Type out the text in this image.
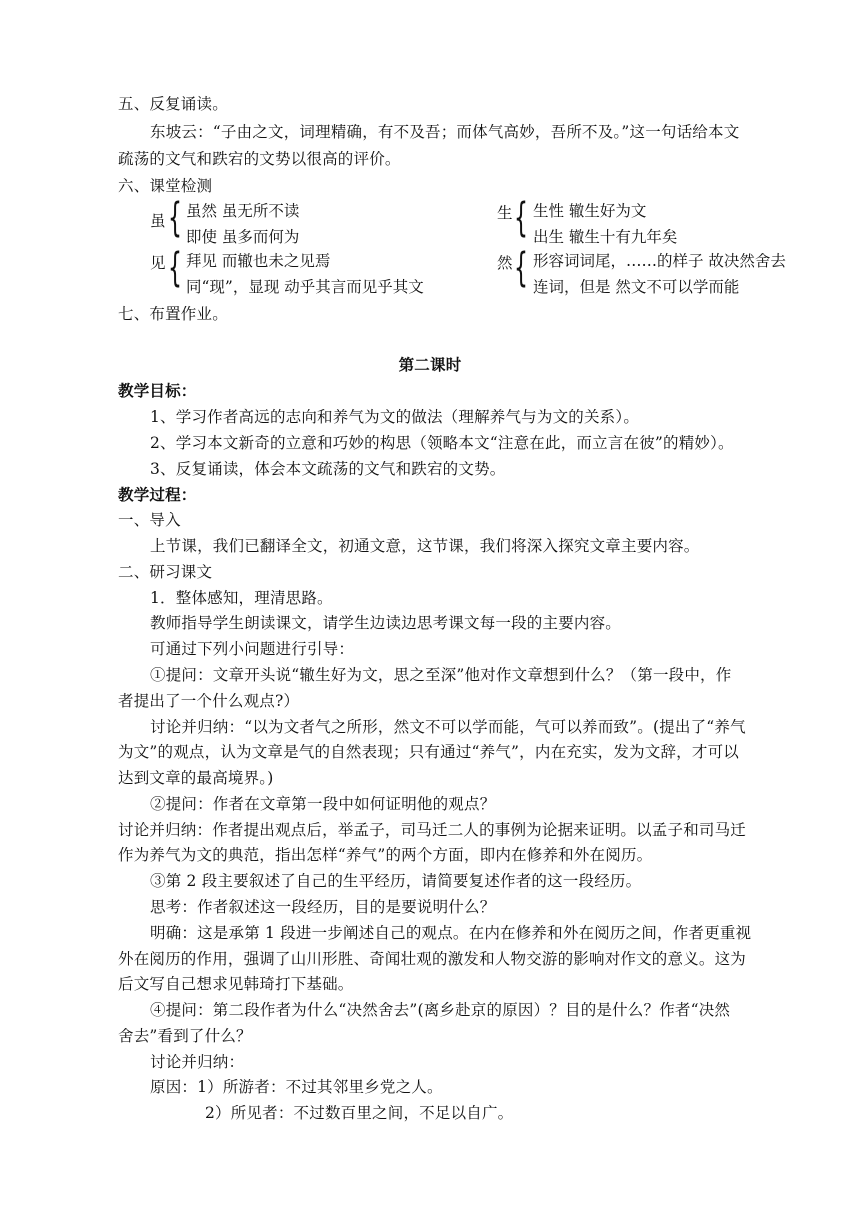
五、反复诵读。
东坡云：“子由之文，词理精确，有不及吾；而体气高妙，吾所不及。”这一句话给本文
疏荡的文气和跌宕的文势以很高的评价。
六、课堂检测
虽 { 虽然 虽无所不读
即使 虽多而何为
生 { 生性 辙生好为文
出生 辙生十有九年矣
见 { 拜见 而辙也未之见焉
同“现”，显现 动乎其言而见乎其文
然 { 形容词词尾，……的样子 故决然舍去
连词，但是 然文不可以学而能
七、布置作业。
第二课时
教学目标：
1、学习作者高远的志向和养气为文的做法（理解养气与为文的关系）。
2、学习本文新奇的立意和巧妙的构思（领略本文“注意在此，而立言在彼”的精妙）。
3、反复诵读，体会本文疏荡的文气和跌宕的文势。
教学过程：
一、导入
上节课，我们已翻译全文，初通文意，这节课，我们将深入探究文章主要内容。
二、研习课文
1．整体感知，理清思路。
教师指导学生朗读课文，请学生边读边思考课文每一段的主要内容。
可通过下列小问题进行引导：
①提问：文章开头说“辙生好为文，思之至深”他对作文章想到什么？（第一段中，作
者提出了一个什么观点?）
讨论并归纳：“以为文者气之所形，然文不可以学而能，气可以养而致”。(提出了“养气
为文”的观点，认为文章是气的自然表现；只有通过“养气”，内在充实，发为文辞，才可以
达到文章的最高境界。)
②提问：作者在文章第一段中如何证明他的观点？
讨论并归纳：作者提出观点后，举孟子，司马迁二人的事例为论据来证明。以孟子和司马迁
作为养气为文的典范，指出怎样“养气”的两个方面，即内在修养和外在阅历。
③第 2 段主要叙述了自己的生平经历，请简要复述作者的这一段经历。
思考：作者叙述这一段经历，目的是要说明什么？
明确：这是承第 1 段进一步阐述自己的观点。在内在修养和外在阅历之间，作者更重视
外在阅历的作用，强调了山川形胜、奇闻壮观的激发和人物交游的影响对作文的意义。这为
后文写自己想求见韩琦打下基础。
④提问：第二段作者为什么“决然舍去”(离乡赴京的原因）？目的是什么？作者“决然
舍去”看到了什么？
讨论并归纳：
原因：1）所游者：不过其邻里乡党之人。
2）所见者：不过数百里之间，不足以自广。
